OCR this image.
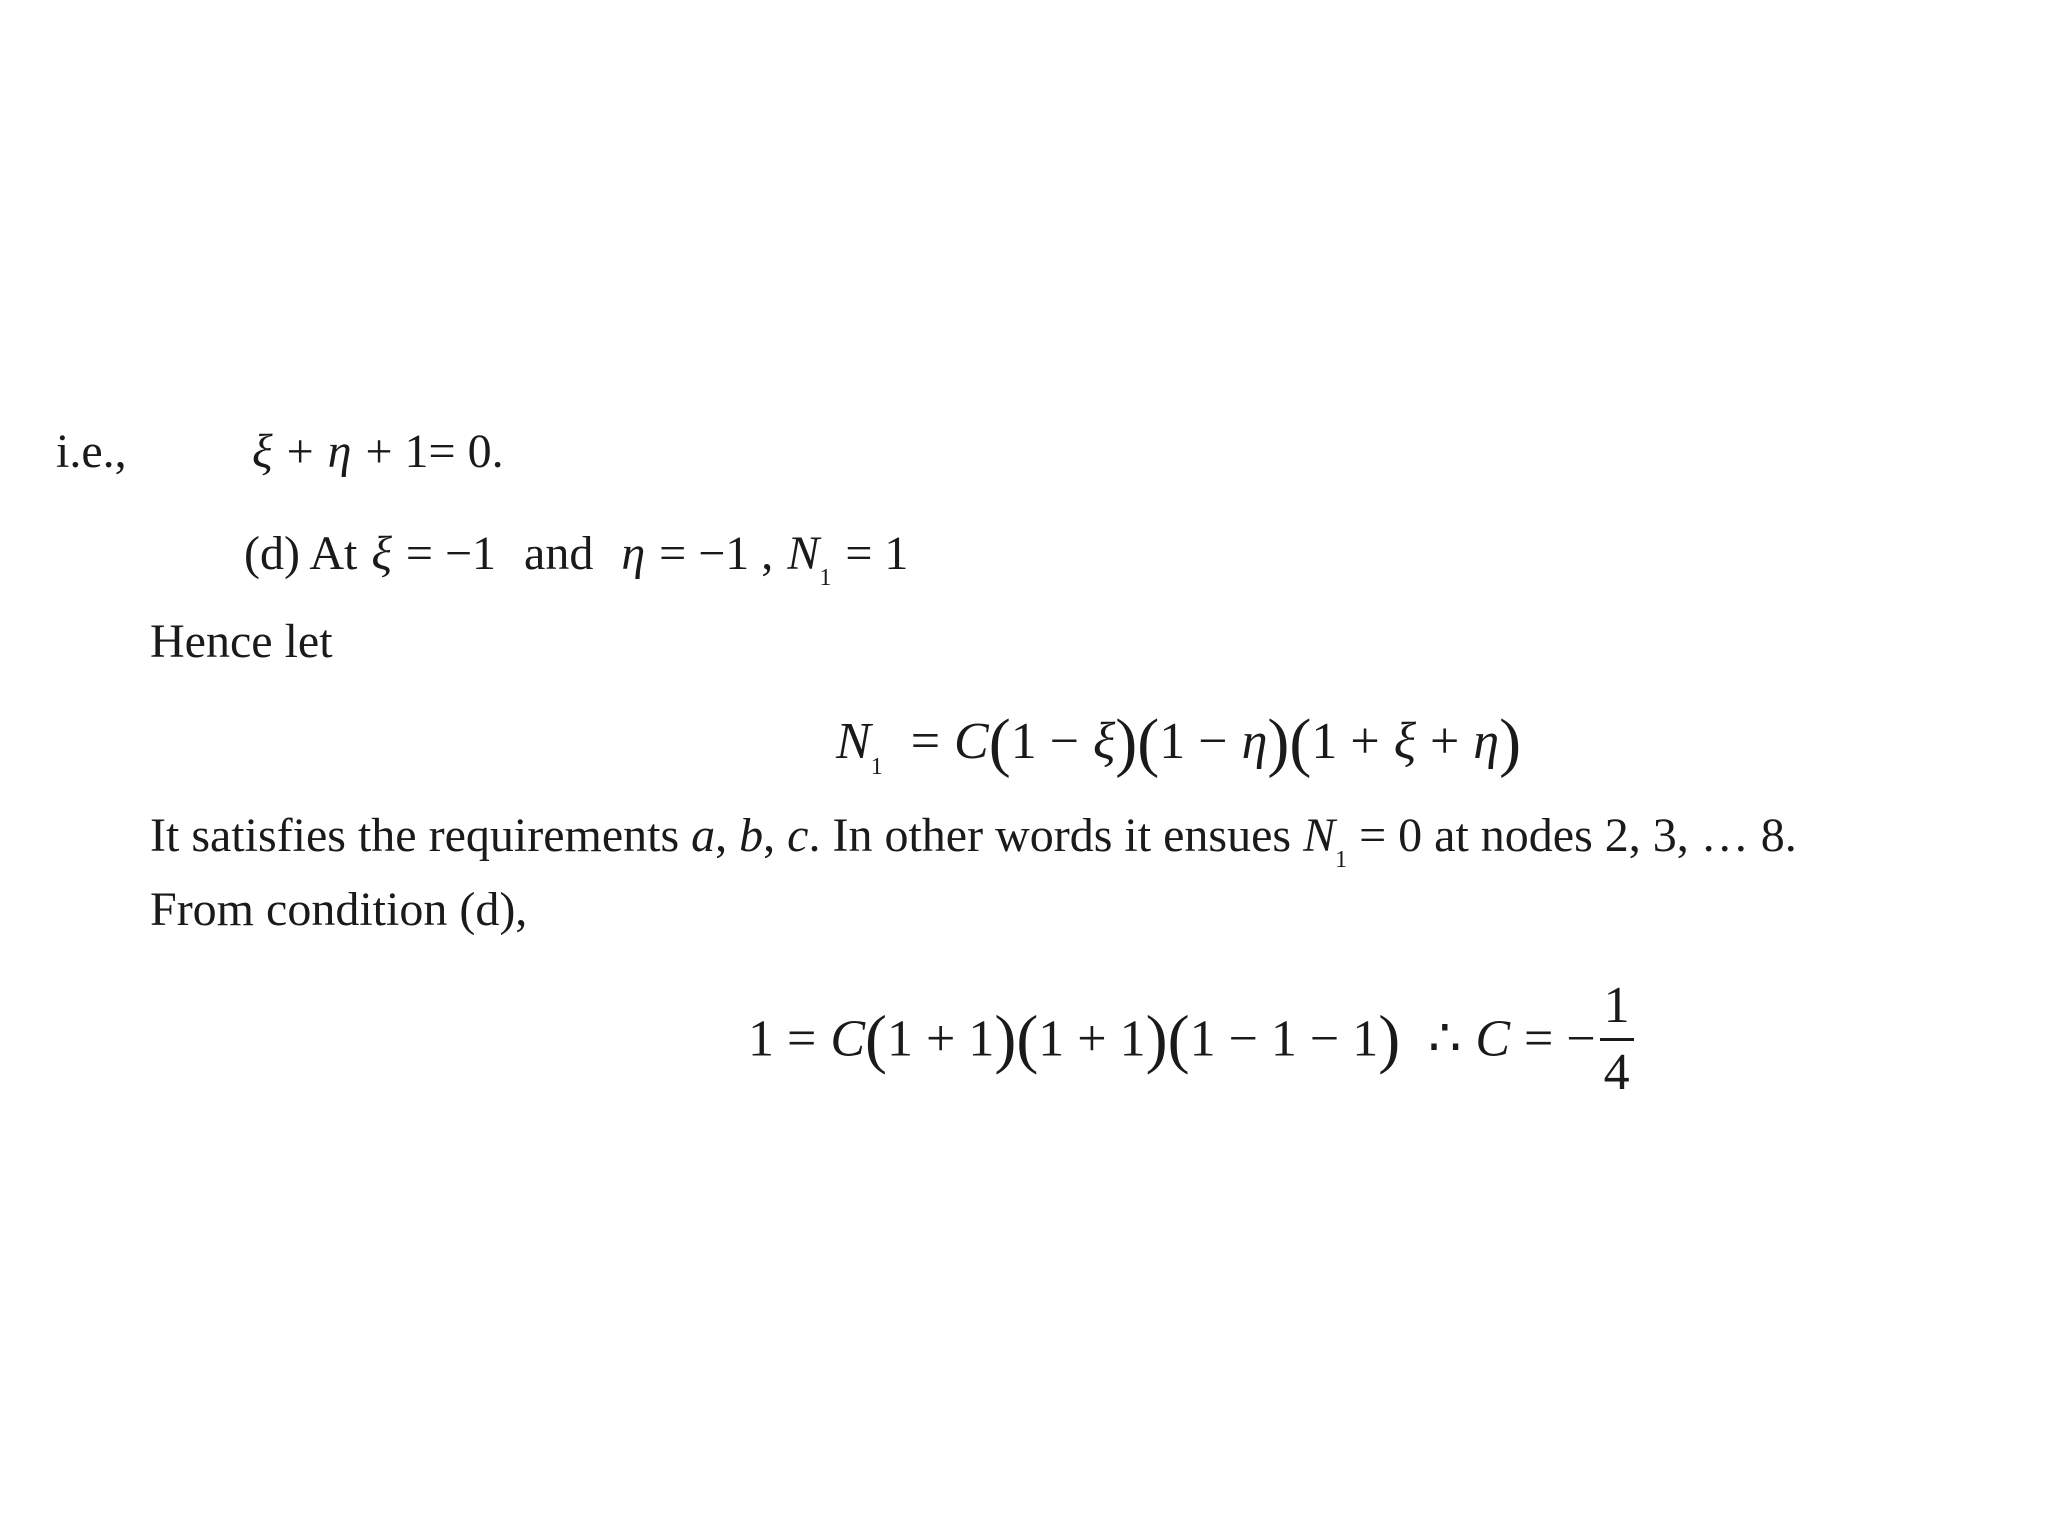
i.e.,	ξ + η + 1= 0.
(d) At ξ = −1 and η = −1 , $N_1 = 1$
Hence let
$N_1 = C(1 - \xi)(1 - \eta)(1 + \xi + \eta)$
It satisfies the requirements a, b, c. In other words it ensues $N_1 = 0$ at nodes 2, 3, … 8.
From condition (d),
1 = C(1 + 1)(1 + 1)(1 − 1 − 1) ∴ C = − $\frac{1}{4}$
